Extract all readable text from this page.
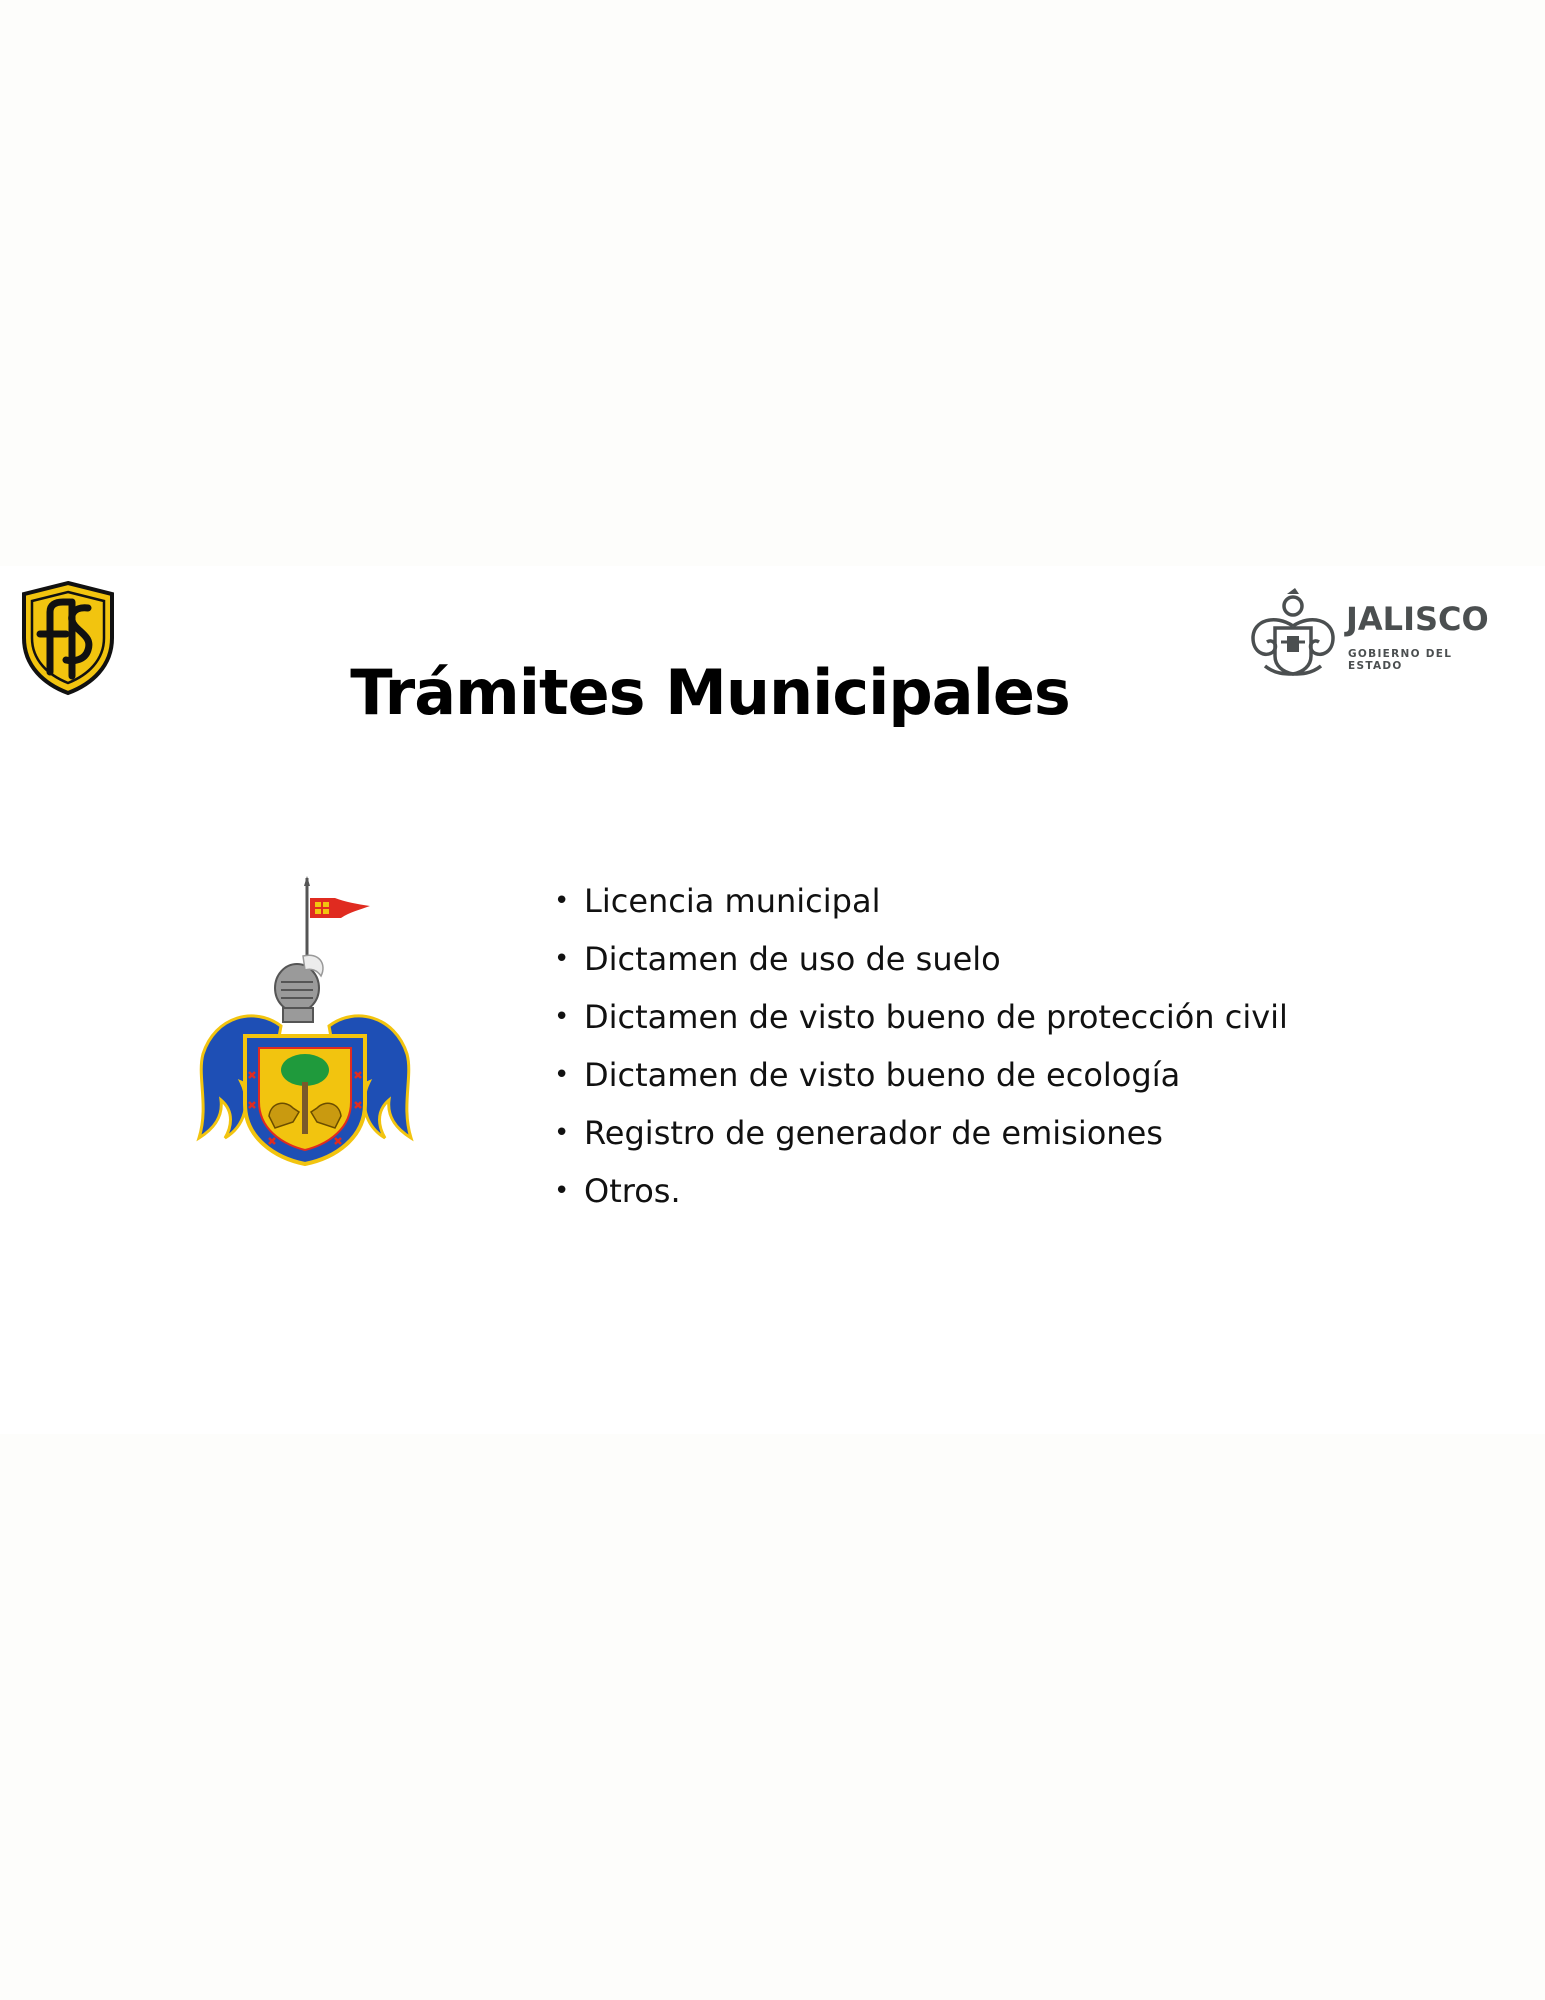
JALISCO
GOBIERNO DEL ESTADO
Trámites Municipales
• Licencia municipal
• Dictamen de uso de suelo
• Dictamen de visto bueno de protección civil
• Dictamen de visto bueno de ecología
• Registro de generador de emisiones
• Otros.
